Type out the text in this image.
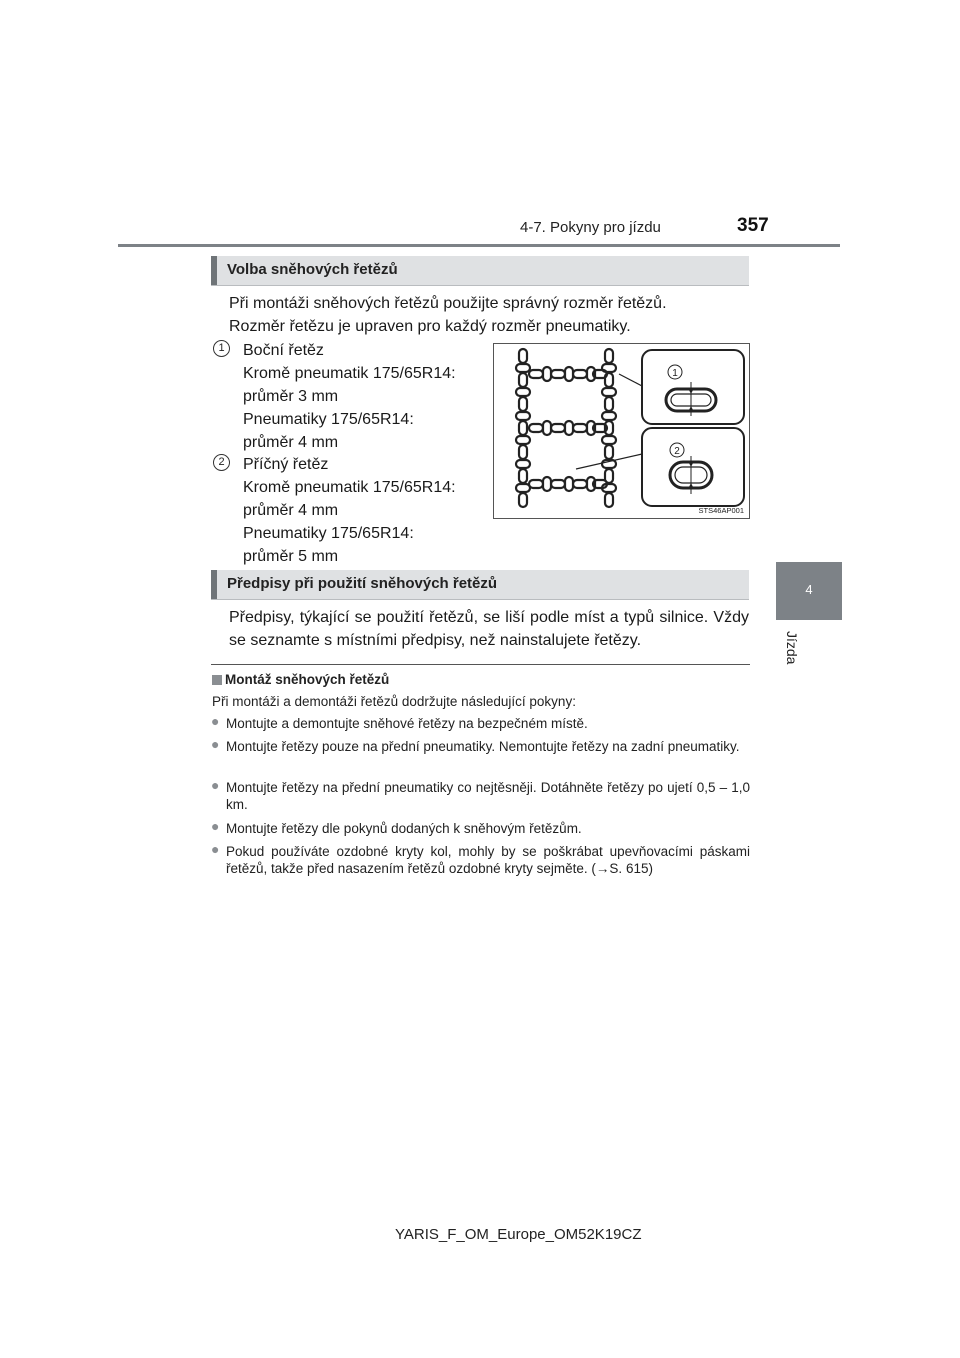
4-7. Pokyny pro jízdu	357
4
Jízda
Volba sněhových řetězů
Při montáži sněhových řetězů použijte správný rozměr řetězů.
Rozměr řetězu je upraven pro každý rozměr pneumatiky.
1	Boční řetěz
Kromě pneumatik 175/65R14:
průměr 3 mm
Pneumatiky 175/65R14:
průměr 4 mm
2	Příčný řetěz
Kromě pneumatik 175/65R14:
průměr 4 mm
Pneumatiky 175/65R14:
průměr 5 mm
1
2
STS46AP001
Předpisy při použití sněhových řetězů
Předpisy, týkající se použití řetězů, se liší podle míst a typů silnice. Vždy se seznamte s místními předpisy, než nainstalujete řetězy.
Montáž sněhových řetězů
Při montáži a demontáži řetězů dodržujte následující pokyny:
● Montujte a demontujte sněhové řetězy na bezpečném místě.
● Montujte řetězy pouze na přední pneumatiky. Nemontujte řetězy na zadní pneumatiky.
● Montujte řetězy na přední pneumatiky co nejtěsněji. Dotáhněte řetězy po ujetí 0,5 – 1,0 km.
● Montujte řetězy dle pokynů dodaných k sněhovým řetězům.
● Pokud používáte ozdobné kryty kol, mohly by se poškrábat upevňovacími páskami řetězů, takže před nasazením řetězů ozdobné kryty sejměte. (→S. 615)
YARIS_F_OM_Europe_OM52K19CZ
